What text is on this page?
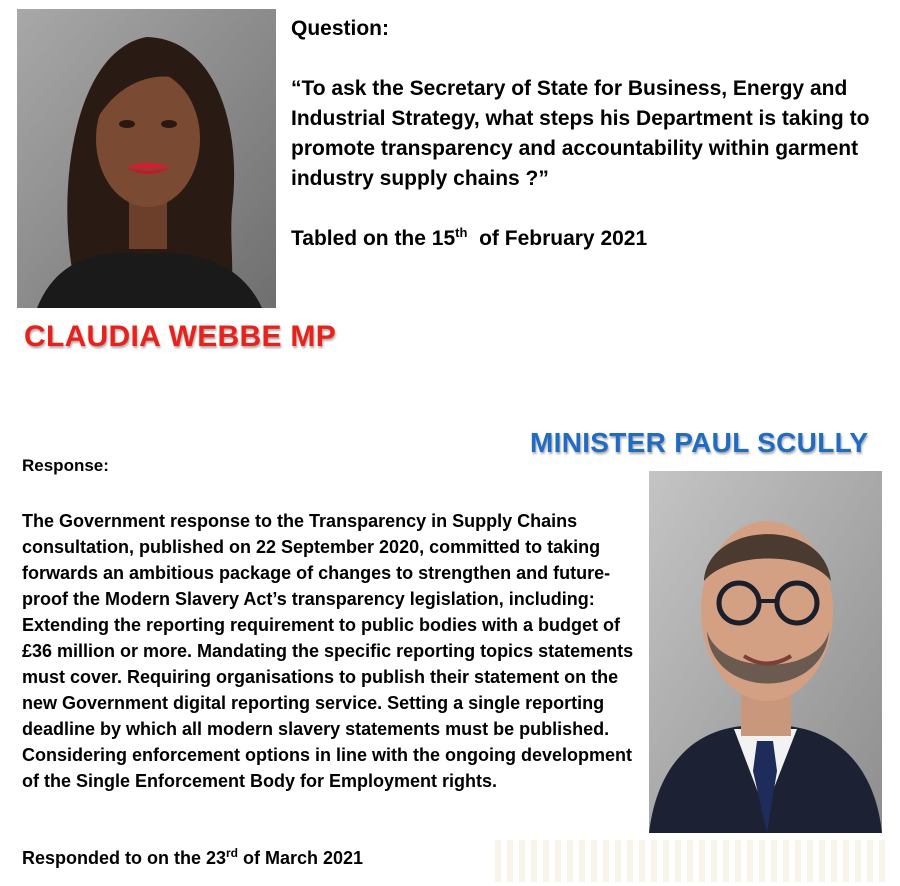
Question:

“To ask the Secretary of State for Business, Energy and Industrial Strategy, what steps his Department is taking to promote transparency and accountability within garment industry supply chains ?”

Tabled on the 15th  of February 2021

CLAUDIA WEBBE MP
MINISTER PAUL SCULLY
Response:
The Government response to the Transparency in Supply Chains consultation, published on 22 September 2020, committed to taking forwards an ambitious package of changes to strengthen and future-proof the Modern Slavery Act’s transparency legislation, including: Extending the reporting requirement to public bodies with a budget of £36 million or more. Mandating the specific reporting topics statements must cover. Requiring organisations to publish their statement on the new Government digital reporting service. Setting a single reporting deadline by which all modern slavery statements must be published. Considering enforcement options in line with the ongoing development of the Single Enforcement Body for Employment rights.
Responded to on the 23rd of March 2021
